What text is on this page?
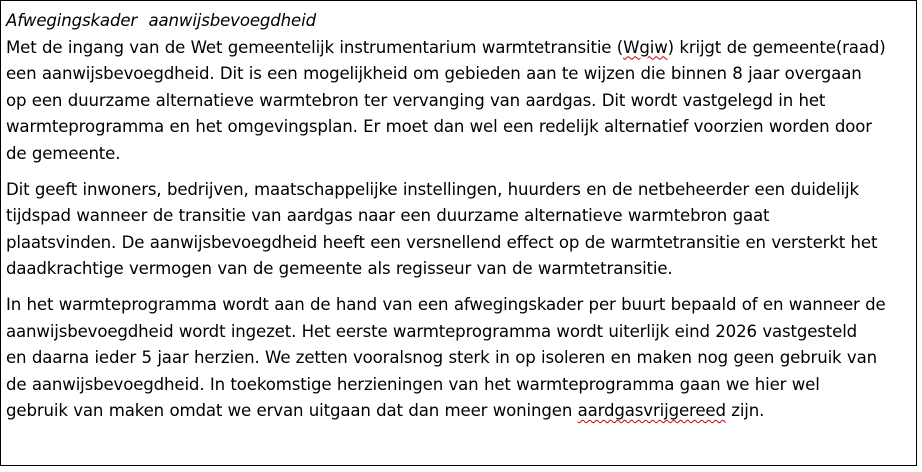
Afwegingskader aanwijsbevoegdheid

Met de ingang van de Wet gemeentelijk instrumentarium warmtetransitie (Wgiw) krijgt de gemeente(raad)
een aanwijsbevoegdheid. Dit is een mogelijkheid om gebieden aan te wijzen die binnen 8 jaar overgaan
op een duurzame alternatieve warmtebron ter vervanging van aardgas. Dit wordt vastgelegd in het
warmteprogramma en het omgevingsplan. Er moet dan wel een redelijk alternatief voorzien worden door
de gemeente.

Dit geeft inwoners, bedrijven, maatschappelijke instellingen, huurders en de netbeheerder een duidelijk
tijdspad wanneer de transitie van aardgas naar een duurzame alternatieve warmtebron gaat
plaatsvinden. De aanwijsbevoegdheid heeft een versnellend effect op de warmtetransitie en versterkt het
daadkrachtige vermogen van de gemeente als regisseur van de warmtetransitie.

In het warmteprogramma wordt aan de hand van een afwegingskader per buurt bepaald of en wanneer de
aanwijsbevoegdheid wordt ingezet. Het eerste warmteprogramma wordt uiterlijk eind 2026 vastgesteld
en daarna ieder 5 jaar herzien. We zetten vooralsnog sterk in op isoleren en maken nog geen gebruik van
de aanwijsbevoegdheid. In toekomstige herzieningen van het warmteprogramma gaan we hier wel
gebruik van maken omdat we ervan uitgaan dat dan meer woningen aardgasvrijgereed zijn.
